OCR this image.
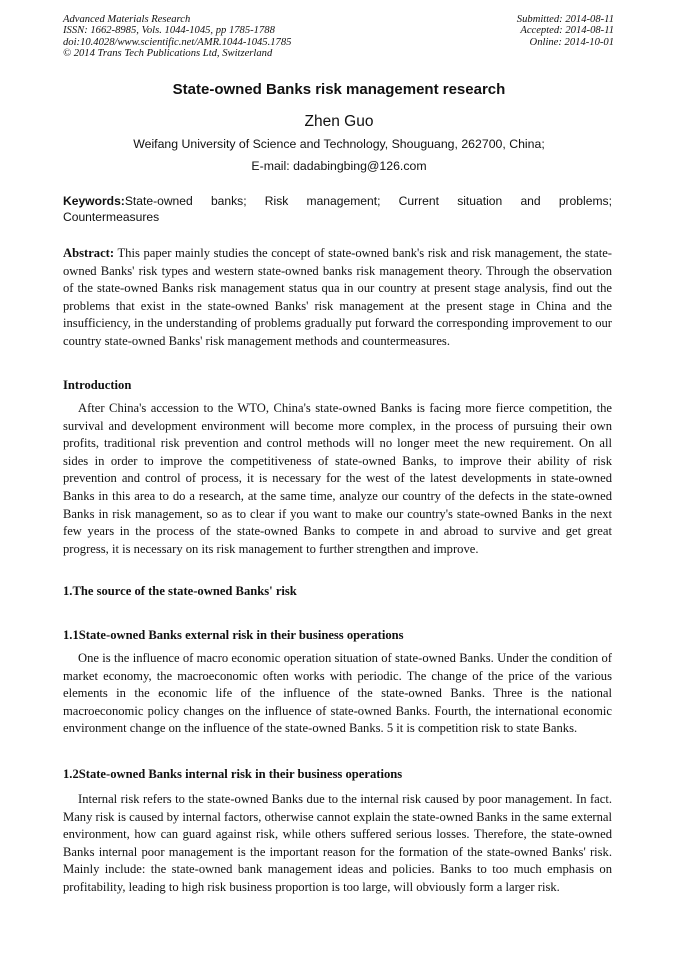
Advanced Materials Research
ISSN: 1662-8985, Vols. 1044-1045, pp 1785-1788
doi:10.4028/www.scientific.net/AMR.1044-1045.1785
© 2014 Trans Tech Publications Ltd, Switzerland
Submitted: 2014-08-11
Accepted: 2014-08-11
Online: 2014-10-01
State-owned Banks risk management research
Zhen Guo
Weifang University of Science and Technology, Shouguang, 262700, China;
E-mail: dadabingbing@126.com
Keywords:State-owned banks; Risk management; Current situation and problems;
Countermeasures

Abstract: This paper mainly studies the concept of state-owned bank's risk and risk management, the state-owned Banks' risk types and western state-owned banks risk management theory. Through the observation of the state-owned Banks risk management status qua in our country at present stage analysis, find out the problems that exist in the state-owned Banks' risk management at the present stage in China and the insufficiency, in the understanding of problems gradually put forward the corresponding improvement to our country state-owned Banks' risk management methods and countermeasures.

Introduction

After China's accession to the WTO, China's state-owned Banks is facing more fierce competition, the survival and development environment will become more complex, in the process of pursuing their own profits, traditional risk prevention and control methods will no longer meet the new requirement. On all sides in order to improve the competitiveness of state-owned Banks, to improve their ability of risk prevention and control of process, it is necessary for the west of the latest developments in state-owned Banks in this area to do a research, at the same time, analyze our country of the defects in the state-owned Banks in risk management, so as to clear if you want to make our country's state-owned Banks in the next few years in the process of the state-owned Banks to compete in and abroad to survive and get great progress, it is necessary on its risk management to further strengthen and improve.

1.The source of the state-owned Banks' risk
1.1State-owned Banks external risk in their business operations

One is the influence of macro economic operation situation of state-owned Banks. Under the condition of market economy, the macroeconomic often works with periodic. The change of the price of the various elements in the economic life of the influence of the state-owned Banks. Three is the national macroeconomic policy changes on the influence of state-owned Banks. Fourth, the international economic environment change on the influence of the state-owned Banks. 5 it is competition risk to state Banks.

1.2State-owned Banks internal risk in their business operations

Internal risk refers to the state-owned Banks due to the internal risk caused by poor management. In fact. Many risk is caused by internal factors, otherwise cannot explain the state-owned Banks in the same external environment, how can guard against risk, while others suffered serious losses. Therefore, the state-owned Banks internal poor management is the important reason for the formation of the state-owned Banks' risk. Mainly include: the state-owned bank management ideas and policies. Banks to too much emphasis on profitability, leading to high risk business proportion is too large, will obviously form a larger risk.
